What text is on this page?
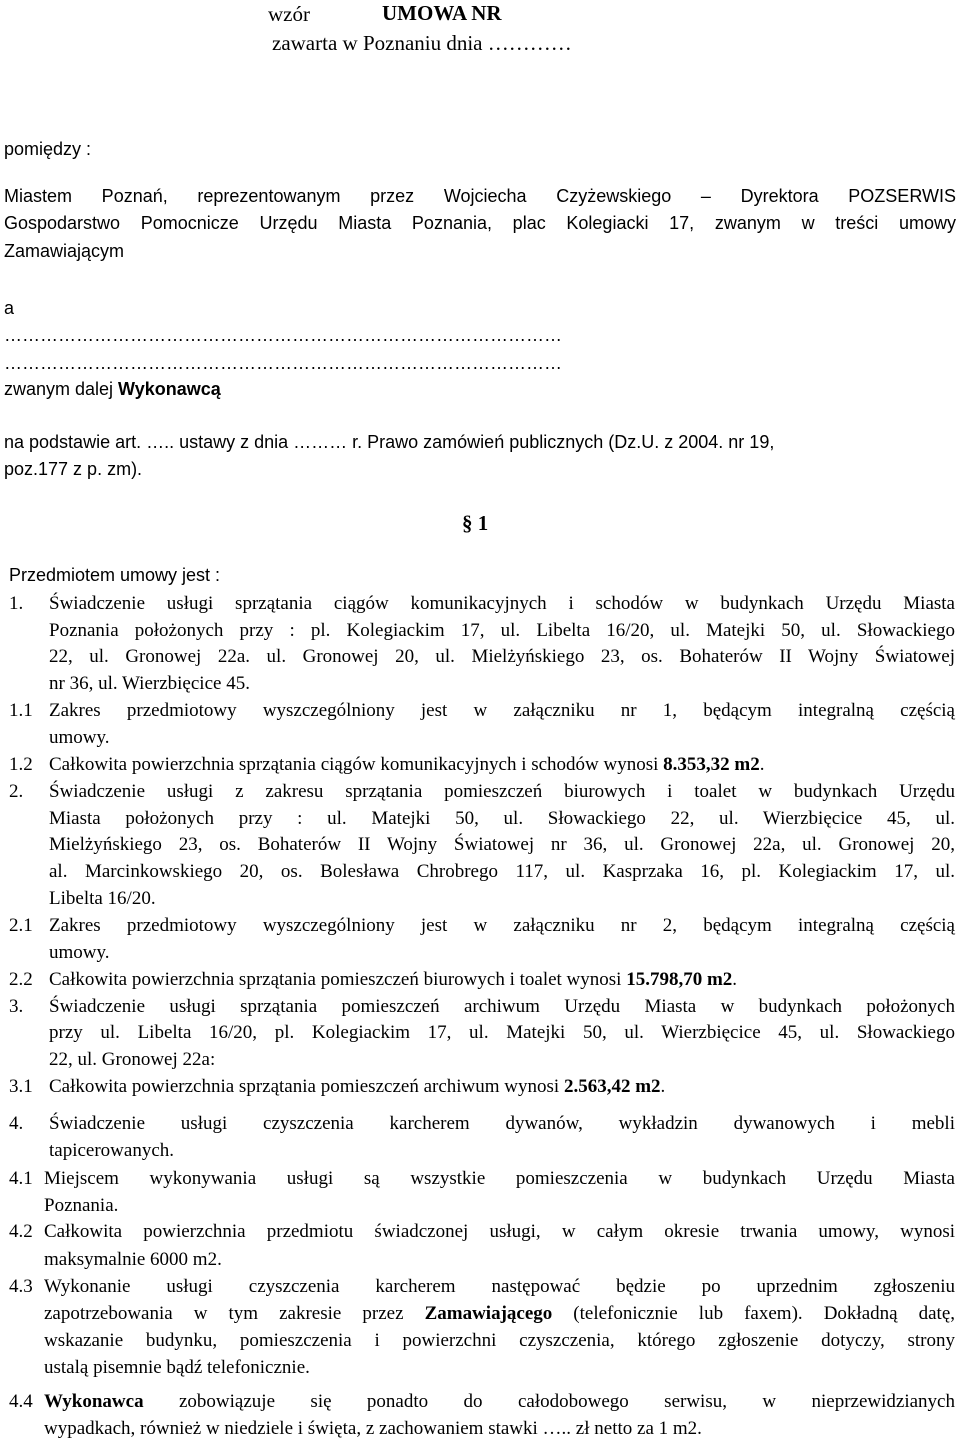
wzór	UMOWA NR
zawarta w Poznaniu dnia …………
pomiędzy :
Miastem Poznań, reprezentowanym przez Wojciecha Czyżewskiego – Dyrektora POZSERWIS
Gospodarstwo Pomocnicze Urzędu Miasta Poznania, plac Kolegiacki 17, zwanym w treści umowy
Zamawiającym
a
…………………………………………………………………………………
…………………………………………………………………………………
zwanym dalej Wykonawcą
na podstawie art. ….. ustawy z dnia ……… r. Prawo zamówień publicznych (Dz.U. z 2004. nr 19,
poz.177 z p. zm).
§ 1
Przedmiotem umowy jest :
1. Świadczenie usługi sprzątania ciągów komunikacyjnych i schodów w budynkach Urzędu Miasta
Poznania położonych przy : pl. Kolegiackim 17, ul. Libelta 16/20, ul. Matejki 50, ul. Słowackiego
22, ul. Gronowej 22a. ul. Gronowej 20, ul. Mielżyńskiego 23, os. Bohaterów II Wojny Światowej
nr 36, ul. Wierzbięcice 45.
1.1 Zakres przedmiotowy wyszczególniony jest w załączniku nr 1, będącym integralną częścią
umowy.
1.2 Całkowita powierzchnia sprzątania ciągów komunikacyjnych i schodów wynosi 8.353,32 m2.
2. Świadczenie usługi z zakresu sprzątania pomieszczeń biurowych i toalet w budynkach Urzędu
Miasta położonych przy : ul. Matejki 50, ul. Słowackiego 22, ul. Wierzbięcice 45, ul.
Mielżyńskiego 23, os. Bohaterów II Wojny Światowej nr 36, ul. Gronowej 22a, ul. Gronowej 20,
al. Marcinkowskiego 20, os. Bolesława Chrobrego 117, ul. Kasprzaka 16, pl. Kolegiackim 17, ul.
Libelta 16/20.
2.1 Zakres przedmiotowy wyszczególniony jest w załączniku nr 2, będącym integralną częścią
umowy.
2.2 Całkowita powierzchnia sprzątania pomieszczeń biurowych i toalet wynosi 15.798,70 m2.
3. Świadczenie usługi sprzątania pomieszczeń archiwum Urzędu Miasta w budynkach położonych
przy ul. Libelta 16/20, pl. Kolegiackim 17, ul. Matejki 50, ul. Wierzbięcice 45, ul. Słowackiego
22, ul. Gronowej 22a:
3.1 Całkowita powierzchnia sprzątania pomieszczeń archiwum wynosi 2.563,42 m2.
4. Świadczenie usługi czyszczenia karcherem dywanów, wykładzin dywanowych i mebli
tapicerowanych.
4.1 Miejscem wykonywania usługi są wszystkie pomieszczenia w budynkach Urzędu Miasta
Poznania.
4.2 Całkowita powierzchnia przedmiotu świadczonej usługi, w całym okresie trwania umowy, wynosi
maksymalnie 6000 m2.
4.3 Wykonanie usługi czyszczenia karcherem następować będzie po uprzednim zgłoszeniu
zapotrzebowania w tym zakresie przez Zamawiającego (telefonicznie lub faxem). Dokładną datę,
wskazanie budynku, pomieszczenia i powierzchni czyszczenia, którego zgłoszenie dotyczy, strony
ustalą pisemnie bądź telefonicznie.
4.4 Wykonawca zobowiązuje się ponadto do całodobowego serwisu, w nieprzewidzianych
wypadkach, również w niedziele i święta, z zachowaniem stawki ….. zł netto za 1 m2.
